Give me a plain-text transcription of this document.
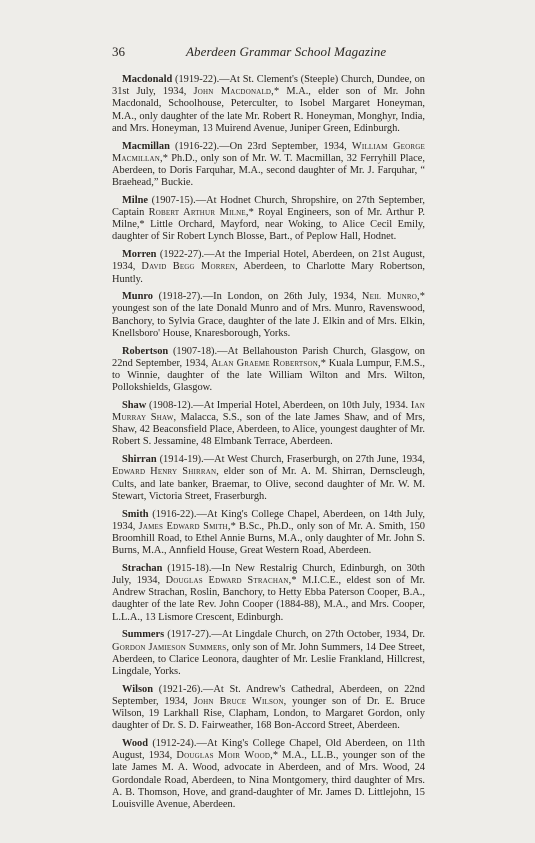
36	Aberdeen Grammar School Magazine

Macdonald (1919-22).—At St. Clement's (Steeple) Church, Dundee, on 31st July, 1934, John Macdonald,* M.A., elder son of Mr. John Macdonald, Schoolhouse, Peterculter, to Isobel Margaret Honeyman, M.A., only daughter of the late Mr. Robert R. Honeyman, Monghyr, India, and Mrs. Honeyman, 13 Muirend Avenue, Juniper Green, Edinburgh.

Macmillan (1916-22).—On 23rd September, 1934, William George Macmillan,* Ph.D., only son of Mr. W. T. Macmillan, 32 Ferryhill Place, Aberdeen, to Doris Farquhar, M.A., second daughter of Mr. J. Farquhar, “ Braehead,” Buckie.

Milne (1907-15).—At Hodnet Church, Shropshire, on 27th September, Captain Robert Arthur Milne,* Royal Engineers, son of Mr. Arthur P. Milne,* Little Orchard, Mayford, near Woking, to Alice Cecil Emily, daughter of Sir Robert Lynch Blosse, Bart., of Peplow Hall, Hodnet.

Morren (1922-27).—At the Imperial Hotel, Aberdeen, on 21st August, 1934, David Begg Morren, Aberdeen, to Charlotte Mary Robertson, Huntly.

Munro (1918-27).—In London, on 26th July, 1934, Neil Munro,* youngest son of the late Donald Munro and of Mrs. Munro, Ravenswood, Banchory, to Sylvia Grace, daughter of the late J. Elkin and of Mrs. Elkin, Knellsboro' House, Knaresborough, Yorks.

Robertson (1907-18).—At Bellahouston Parish Church, Glasgow, on 22nd September, 1934, Alan Graeme Robertson,* Kuala Lumpur, F.M.S., to Winnie, daughter of the late William Wilton and Mrs. Wilton, Pollokshields, Glasgow.

Shaw (1908-12).—At Imperial Hotel, Aberdeen, on 10th July, 1934. Ian Murray Shaw, Malacca, S.S., son of the late James Shaw, and of Mrs, Shaw, 42 Beaconsfield Place, Aberdeen, to Alice, youngest daughter of Mr. Robert S. Jessamine, 48 Elmbank Terrace, Aberdeen.

Shirran (1914-19).—At West Church, Fraserburgh, on 27th June, 1934, Edward Henry Shirran, elder son of Mr. A. M. Shirran, Dernscleugh, Cults, and late banker, Braemar, to Olive, second daughter of Mr. W. M. Stewart, Victoria Street, Fraserburgh.

Smith (1916-22).—At King's College Chapel, Aberdeen, on 14th July, 1934, James Edward Smith,* B.Sc., Ph.D., only son of Mr. A. Smith, 150 Broomhill Road, to Ethel Annie Burns, M.A., only daughter of Mr. John S. Burns, M.A., Annfield House, Great Western Road, Aberdeen.

Strachan (1915-18).—In New Restalrig Church, Edinburgh, on 30th July, 1934, Douglas Edward Strachan,* M.I.C.E., eldest son of Mr. Andrew Strachan, Roslin, Banchory, to Hetty Ebba Paterson Cooper, B.A., daughter of the late Rev. John Cooper (1884-88), M.A., and Mrs. Cooper, L.L.A., 13 Lismore Crescent, Edinburgh.

Summers (1917-27).—At Lingdale Church, on 27th October, 1934, Dr. Gordon Jamieson Summers, only son of Mr. John Summers, 14 Dee Street, Aberdeen, to Clarice Leonora, daughter of Mr. Leslie Frankland, Hillcrest, Lingdale, Yorks.

Wilson (1921-26).—At St. Andrew's Cathedral, Aberdeen, on 22nd September, 1934, John Bruce Wilson, younger son of Dr. E. Bruce Wilson, 19 Larkhall Rise, Clapham, London, to Margaret Gordon, only daughter of Dr. S. D. Fairweather, 168 Bon-Accord Street, Aberdeen.

Wood (1912-24).—At King's College Chapel, Old Aberdeen, on 11th August, 1934, Douglas Moir Wood,* M.A., LL.B., younger son of the late James M. A. Wood, advocate in Aberdeen, and of Mrs. Wood, 24 Gordondale Road, Aberdeen, to Nina Montgomery, third daughter of Mrs. A. B. Thomson, Hove, and grand-daughter of Mr. James D. Littlejohn, 15 Louisville Avenue, Aberdeen.
